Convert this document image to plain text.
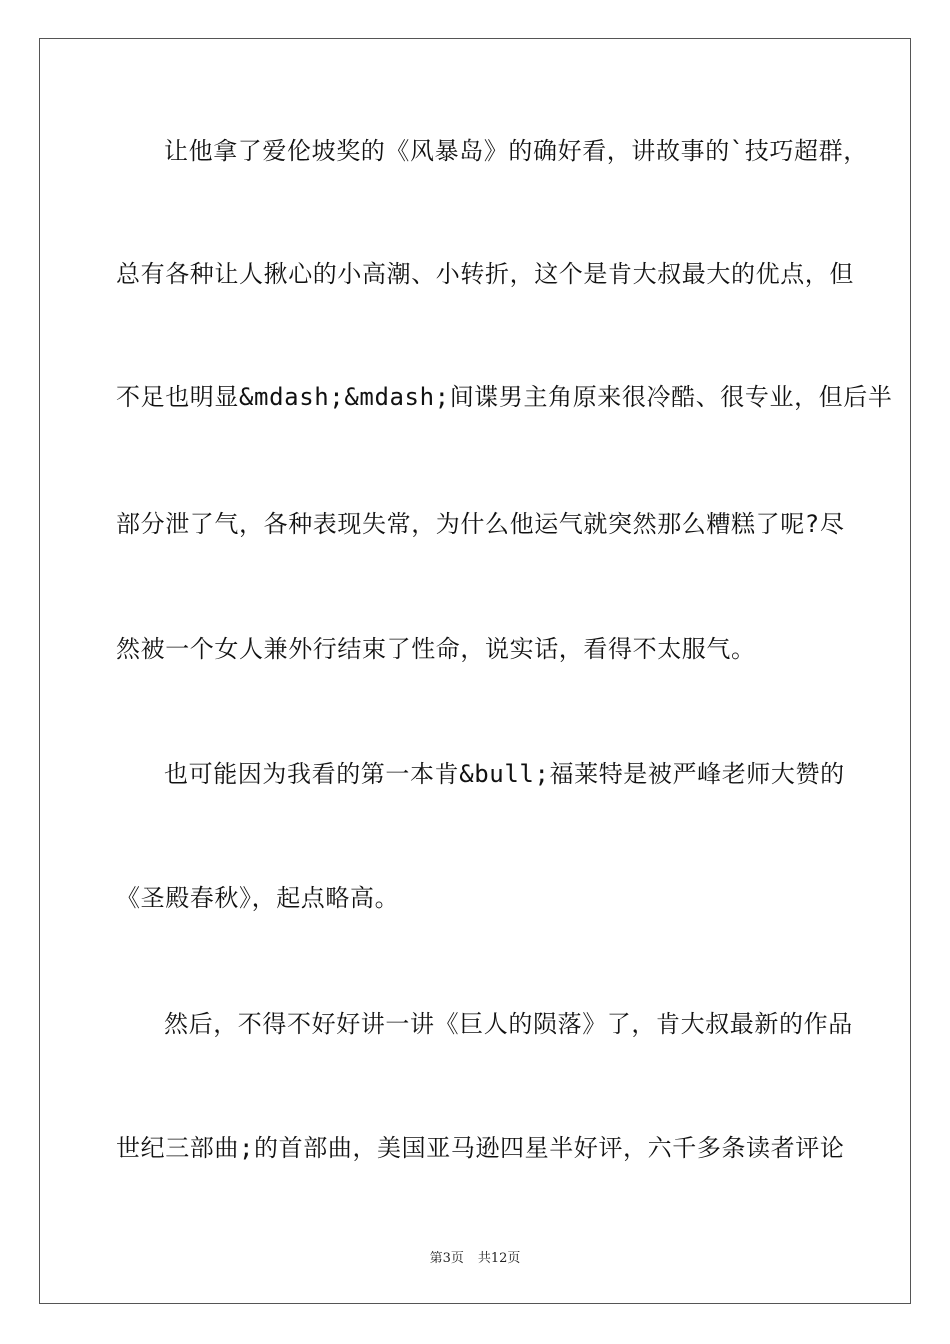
让他拿了爱伦坡奖的《风暴岛》的确好看，讲故事的`技巧超群，
总有各种让人揪心的小高潮、小转折，这个是肯大叔最大的优点，但
不足也明显&mdash;&mdash;间谍男主角原来很冷酷、很专业，但后半
部分泄了气，各种表现失常，为什么他运气就突然那么糟糕了呢?尽
然被一个女人兼外行结束了性命，说实话，看得不太服气。
也可能因为我看的第一本肯&bull;福莱特是被严峰老师大赞的
《圣殿春秋》，起点略高。
然后，不得不好好讲一讲《巨人的陨落》了，肯大叔最新的作品
世纪三部曲;的首部曲，美国亚马逊四星半好评，六千多条读者评论
第3页 共12页
